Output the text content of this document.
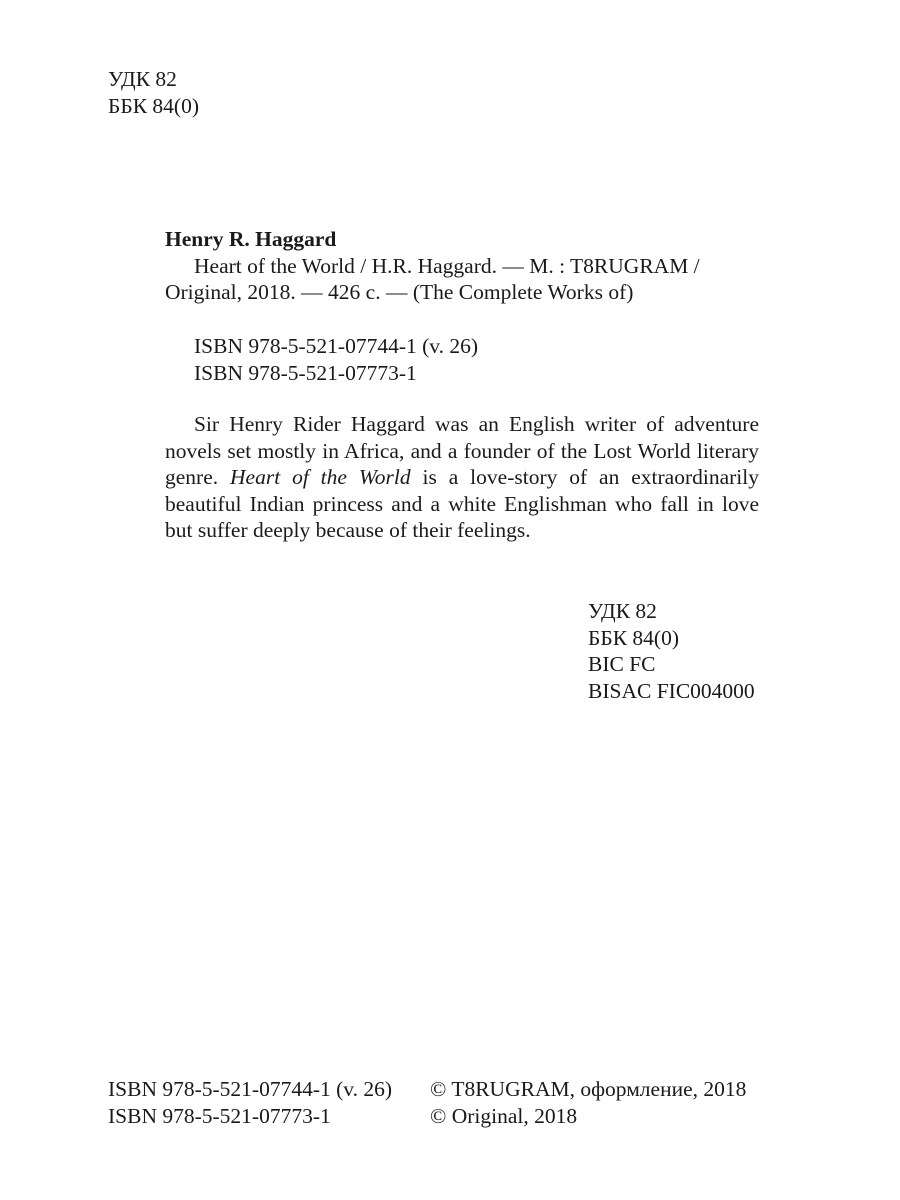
УДК 82
ББК 84(0)
Henry R. Haggard

Heart of the World / H.R. Haggard. — M. : T8RUGRAM /

Original, 2018. — 426 c. — (The Complete Works of)

ISBN 978-5-521-07744-1 (v. 26)
ISBN 978-5-521-07773-1

Sir Henry Rider Haggard was an English writer of adventure novels set mostly in Africa, and a founder of the Lost World literary genre. Heart of the World is a love-story of an extraordinarily beautiful Indian princess and a white Englishman who fall in love but suffer deeply because of their feelings.

УДК 82
ББК 84(0)
BIC FC
BISAC FIC004000
ISBN 978-5-521-07744-1 (v. 26)
ISBN 978-5-521-07773-1
© T8RUGRAM, оформление, 2018
© Original, 2018
